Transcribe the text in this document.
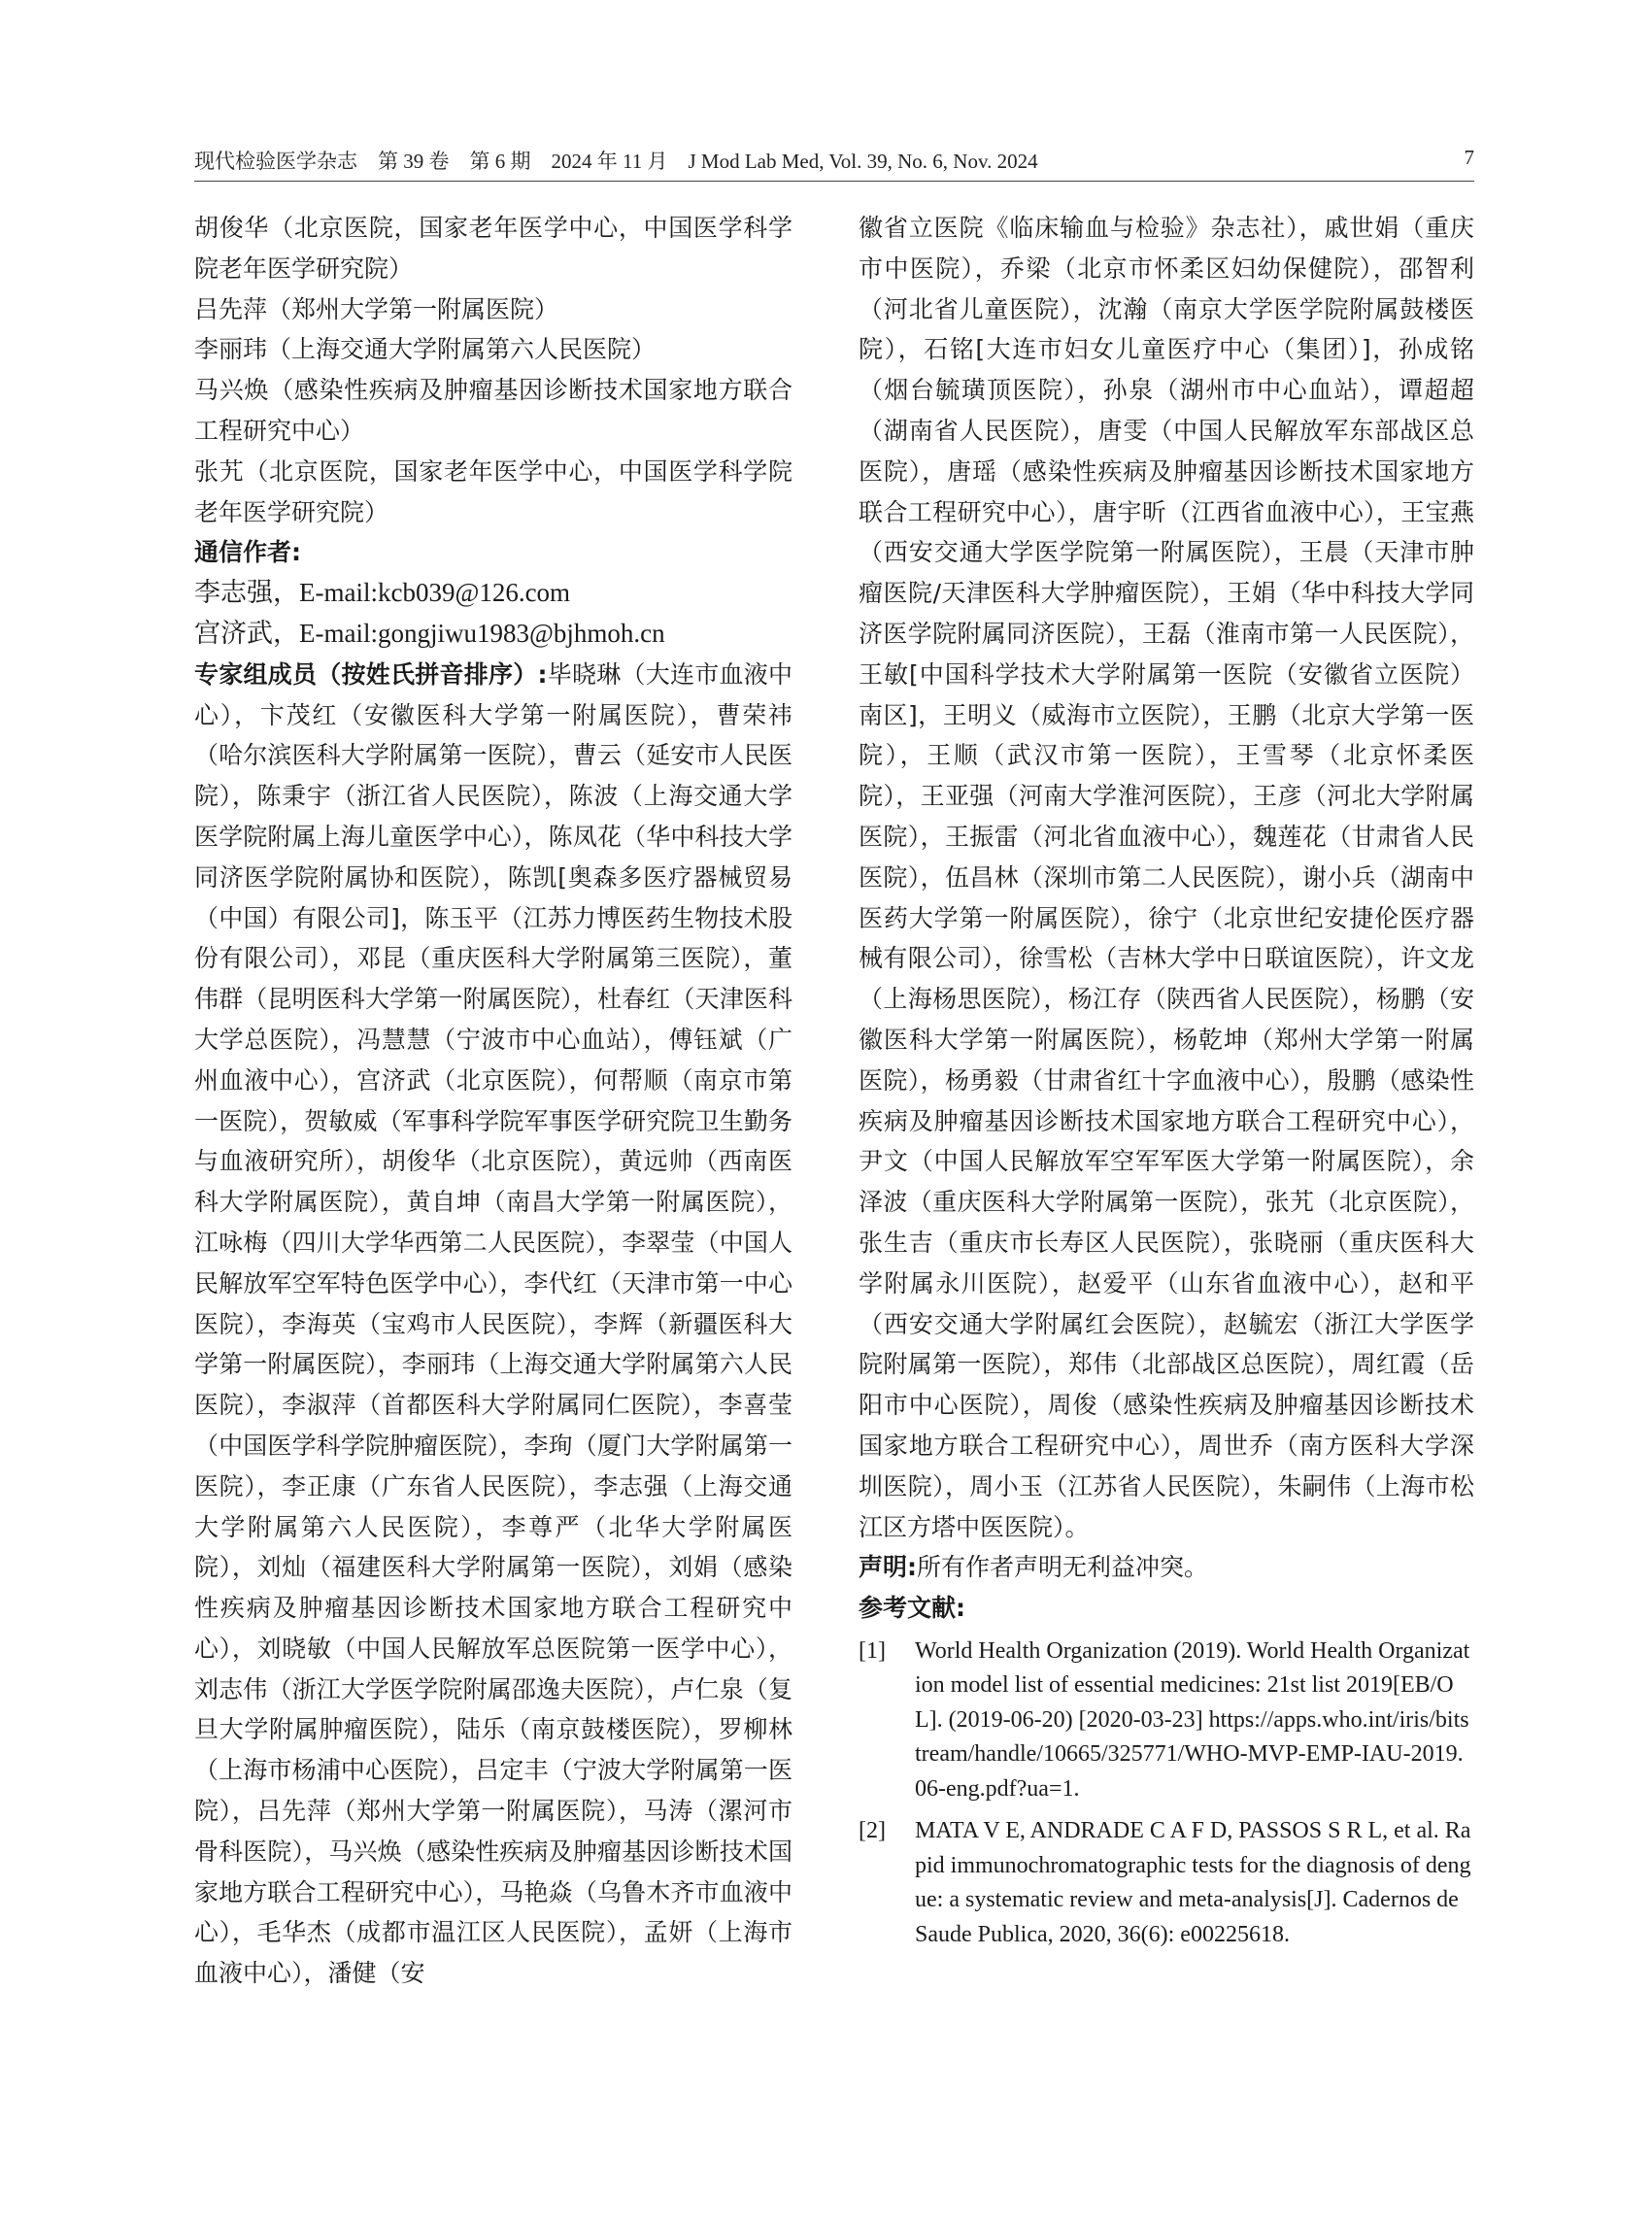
现代检验医学杂志　第 39 卷　第 6 期　2024 年 11 月　J Mod Lab Med, Vol. 39, No. 6, Nov. 2024	7

胡俊华（北京医院，国家老年医学中心，中国医学科学院老年医学研究院）

吕先萍（郑州大学第一附属医院）

李丽玮（上海交通大学附属第六人民医院）

马兴焕（感染性疾病及肿瘤基因诊断技术国家地方联合工程研究中心）

张艽（北京医院，国家老年医学中心，中国医学科学院老年医学研究院）

通信作者:

李志强，E-mail:kcb039@126.com

宫济武，E-mail:gongjiwu1983@bjhmoh.cn

专家组成员（按姓氏拼音排序）:毕晓琳（大连市血液中心），卞茂红（安徽医科大学第一附属医院），曹荣祎（哈尔滨医科大学附属第一医院），曹云（延安市人民医院），陈秉宇（浙江省人民医院），陈波（上海交通大学医学院附属上海儿童医学中心），陈凤花（华中科技大学同济医学院附属协和医院），陈凯[奥森多医疗器械贸易（中国）有限公司]，陈玉平（江苏力博医药生物技术股份有限公司），邓昆（重庆医科大学附属第三医院），董伟群（昆明医科大学第一附属医院），杜春红（天津医科大学总医院），冯慧慧（宁波市中心血站），傅钰斌（广州血液中心），宫济武（北京医院），何帮顺（南京市第一医院），贺敏威（军事科学院军事医学研究院卫生勤务与血液研究所），胡俊华（北京医院），黄远帅（西南医科大学附属医院），黄自坤（南昌大学第一附属医院），江咏梅（四川大学华西第二人民医院），李翠莹（中国人民解放军空军特色医学中心），李代红（天津市第一中心医院），李海英（宝鸡市人民医院），李辉（新疆医科大学第一附属医院），李丽玮（上海交通大学附属第六人民医院），李淑萍（首都医科大学附属同仁医院），李喜莹（中国医学科学院肿瘤医院），李珣（厦门大学附属第一医院），李正康（广东省人民医院），李志强（上海交通大学附属第六人民医院），李尊严（北华大学附属医院），刘灿（福建医科大学附属第一医院），刘娟（感染性疾病及肿瘤基因诊断技术国家地方联合工程研究中心），刘晓敏（中国人民解放军总医院第一医学中心），刘志伟（浙江大学医学院附属邵逸夫医院），卢仁泉（复旦大学附属肿瘤医院），陆乐（南京鼓楼医院），罗柳林（上海市杨浦中心医院），吕定丰（宁波大学附属第一医院），吕先萍（郑州大学第一附属医院），马涛（漯河市骨科医院），马兴焕（感染性疾病及肿瘤基因诊断技术国家地方联合工程研究中心），马艳焱（乌鲁木齐市血液中心），毛华杰（成都市温江区人民医院），孟妍（上海市血液中心），潘健（安

徽省立医院《临床输血与检验》杂志社），戚世娟（重庆市中医院），乔梁（北京市怀柔区妇幼保健院），邵智利（河北省儿童医院），沈瀚（南京大学医学院附属鼓楼医院），石铭[大连市妇女儿童医疗中心（集团）]，孙成铭（烟台毓璜顶医院），孙泉（湖州市中心血站），谭超超（湖南省人民医院），唐雯（中国人民解放军东部战区总医院），唐瑶（感染性疾病及肿瘤基因诊断技术国家地方联合工程研究中心），唐宇昕（江西省血液中心），王宝燕（西安交通大学医学院第一附属医院），王晨（天津市肿瘤医院/天津医科大学肿瘤医院），王娟（华中科技大学同济医学院附属同济医院），王磊（淮南市第一人民医院），王敏[中国科学技术大学附属第一医院（安徽省立医院）南区]，王明义（威海市立医院），王鹏（北京大学第一医院），王顺（武汉市第一医院），王雪琴（北京怀柔医院），王亚强（河南大学淮河医院），王彦（河北大学附属医院），王振雷（河北省血液中心），魏莲花（甘肃省人民医院），伍昌林（深圳市第二人民医院），谢小兵（湖南中医药大学第一附属医院），徐宁（北京世纪安捷伦医疗器械有限公司），徐雪松（吉林大学中日联谊医院），许文龙（上海杨思医院），杨江存（陕西省人民医院），杨鹏（安徽医科大学第一附属医院），杨乾坤（郑州大学第一附属医院），杨勇毅（甘肃省红十字血液中心），殷鹏（感染性疾病及肿瘤基因诊断技术国家地方联合工程研究中心），尹文（中国人民解放军空军军医大学第一附属医院），余泽波（重庆医科大学附属第一医院），张艽（北京医院），张生吉（重庆市长寿区人民医院），张晓丽（重庆医科大学附属永川医院），赵爱平（山东省血液中心），赵和平（西安交通大学附属红会医院），赵毓宏（浙江大学医学院附属第一医院），郑伟（北部战区总医院），周红霞（岳阳市中心医院），周俊（感染性疾病及肿瘤基因诊断技术国家地方联合工程研究中心），周世乔（南方医科大学深圳医院），周小玉（江苏省人民医院），朱嗣伟（上海市松江区方塔中医医院）。

声明:所有作者声明无利益冲突。

参考文献:

[1]	World Health Organization (2019). World Health Organization model list of essential medicines: 21st list 2019[EB/OL]. (2019-06-20) [2020-03-23] https://apps.who.int/iris/bitstream/handle/10665/325771/WHO-MVP-EMP-IAU-2019.06-eng.pdf?ua=1.
[2]	MATA V E, ANDRADE C A F D, PASSOS S R L, et al. Rapid immunochromatographic tests for the diagnosis of dengue: a systematic review and meta-analysis[J]. Cadernos de Saude Publica, 2020, 36(6): e00225618.
